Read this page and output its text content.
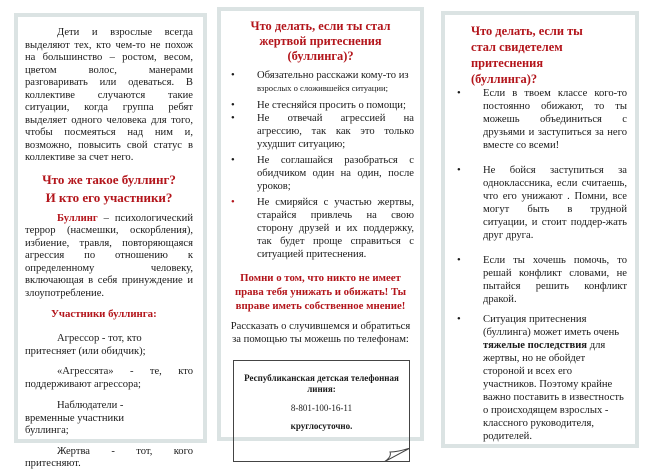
Дети и взрослые всегда выделяют тех, кто чем-то не похож на большинство – ростом, весом, цветом волос, манерами разговаривать или одеваться. В коллективе случаются такие ситуации, когда группа ребят выделяет одного человека для того, чтобы посмеяться над ним и, возможно, повысить свой статус в коллективе за счет него.

Что же такое буллинг?

И кто его участники?

Буллинг – психологический террор (насмешки, оскорбления), избиение, травля, повторяющаяся агрессия по отношению к определенному человеку, включающая в себя принуждение и злоупотребление.

Участники буллинга:

Агрессор - тот, кто притесняет (или обидчик);

«Агрессята» - те, кто поддерживают агрессора;

Наблюдатели - временные участники буллинга;

Жертва - тот, кого притесняют.

Что делать, если ты стал жертвой притеснения (буллинга)?

• Обязательно расскажи кому-то из
взрослых о сложившейся ситуации;
• Не стесняйся просить о помощи;
• Не отвечай агрессией на агрессию, так как это только ухудшит ситуацию;
• Не соглашайся разобраться с обидчиком один на один, после уроков;
• Не смиряйся с участью жертвы, старайся привлечь на свою сторону друзей и их поддержку, так будет проще справиться с ситуацией притеснения.

Помни о том, что никто не имеет права тебя унижать и обижать! Ты вправе иметь собственное мнение!

Рассказать о случившемся и обратиться за помощью ты можешь по телефонам:

Республиканская детская телефонная линия:

8-801-100-16-11

круглосуточно.

Что делать, если ты стал свидетелем притеснения (буллинга)?

• Если в твоем классе кого-то постоянно обижают, то ты можешь объединиться с друзьями и заступиться за него вместе со всеми!
• Не бойся заступиться за одноклассника, если считаешь, что его унижают . Помни, все могут быть в трудной ситуации, и стоит поддер-жать друг друга.
• Если ты хочешь помочь, то решай конфликт словами, не пытайся решить конфликт дракой.
• Ситуация притеснения (буллинга) может иметь очень тяжелые последствия для жертвы, но не обойдет стороной и всех его участников. Поэтому крайне важно поставить в известность о происходящем взрослых - классного руководителя, родителей.
